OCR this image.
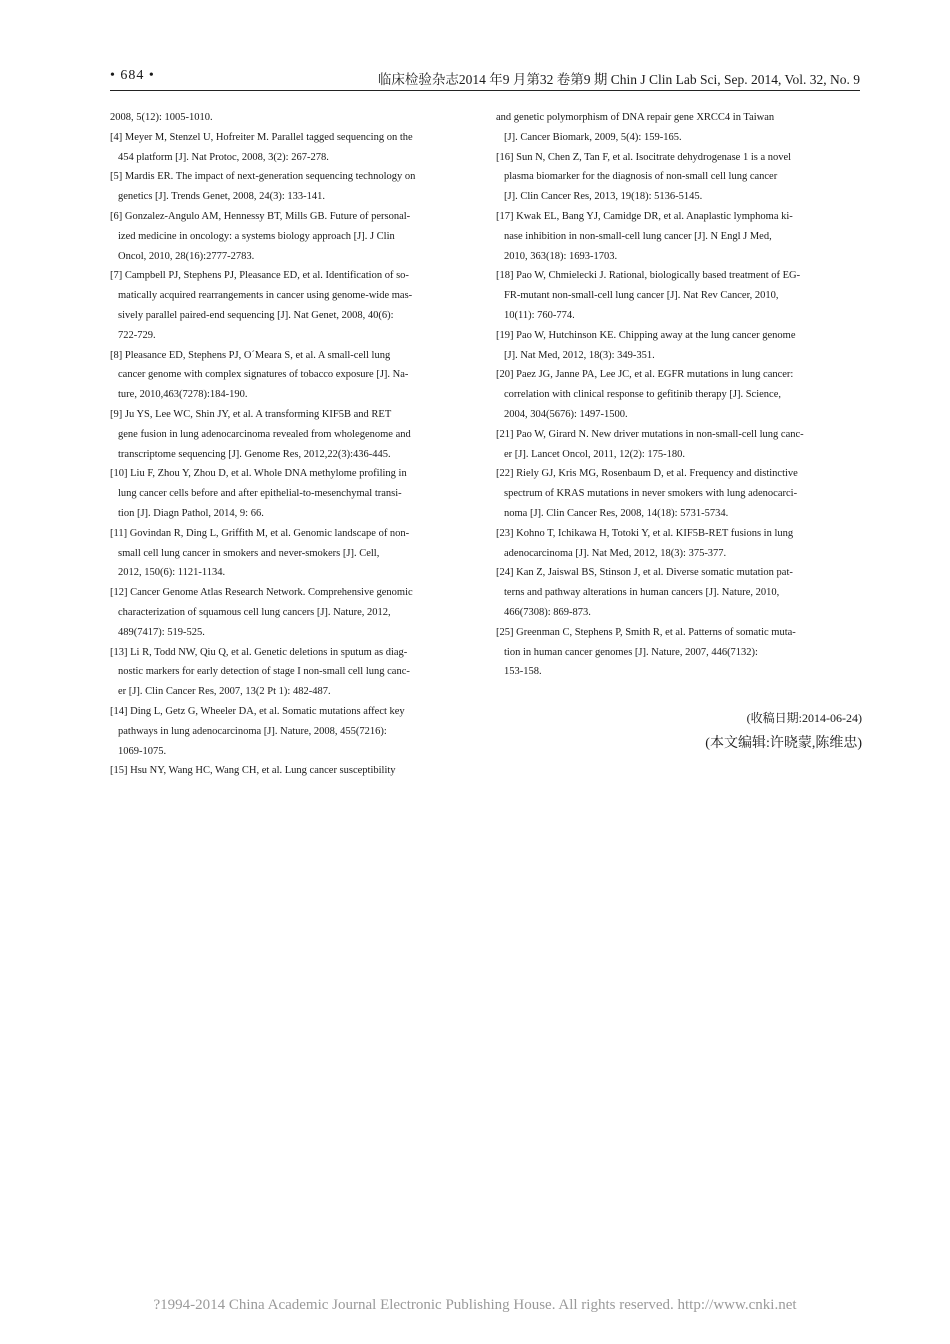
• 684 •	临床检验杂志2014 年9 月第32 卷第9 期 Chin J Clin Lab Sci, Sep. 2014, Vol. 32, No. 9
2008, 5(12): 1005-1010.
[4] Meyer M, Stenzel U, Hofreiter M. Parallel tagged sequencing on the
454 platform [J]. Nat Protoc, 2008, 3(2): 267-278.
[5] Mardis ER. The impact of next-generation sequencing technology on
genetics [J]. Trends Genet, 2008, 24(3): 133-141.
[6] Gonzalez-Angulo AM, Hennessy BT, Mills GB. Future of personal-
ized medicine in oncology: a systems biology approach [J]. J Clin
Oncol, 2010, 28(16):2777-2783.
[7] Campbell PJ, Stephens PJ, Pleasance ED, et al. Identification of so-
matically acquired rearrangements in cancer using genome-wide mas-
sively parallel paired-end sequencing [J]. Nat Genet, 2008, 40(6):
722-729.
[8] Pleasance ED, Stephens PJ, O´Meara S, et al. A small-cell lung
cancer genome with complex signatures of tobacco exposure [J]. Na-
ture, 2010,463(7278):184-190.
[9] Ju YS, Lee WC, Shin JY, et al. A transforming KIF5B and RET
gene fusion in lung adenocarcinoma revealed from wholegenome and
transcriptome sequencing [J]. Genome Res, 2012,22(3):436-445.
[10] Liu F, Zhou Y, Zhou D, et al. Whole DNA methylome profiling in
lung cancer cells before and after epithelial-to-mesenchymal transi-
tion [J]. Diagn Pathol, 2014, 9: 66.
[11] Govindan R, Ding L, Griffith M, et al. Genomic landscape of non-
small cell lung cancer in smokers and never-smokers [J]. Cell,
2012, 150(6): 1121-1134.
[12] Cancer Genome Atlas Research Network. Comprehensive genomic
characterization of squamous cell lung cancers [J]. Nature, 2012,
489(7417): 519-525.
[13] Li R, Todd NW, Qiu Q, et al. Genetic deletions in sputum as diag-
nostic markers for early detection of stage I non-small cell lung canc-
er [J]. Clin Cancer Res, 2007, 13(2 Pt 1): 482-487.
[14] Ding L, Getz G, Wheeler DA, et al. Somatic mutations affect key
pathways in lung adenocarcinoma [J]. Nature, 2008, 455(7216):
1069-1075.
[15] Hsu NY, Wang HC, Wang CH, et al. Lung cancer susceptibility
and genetic polymorphism of DNA repair gene XRCC4 in Taiwan
[J]. Cancer Biomark, 2009, 5(4): 159-165.
[16] Sun N, Chen Z, Tan F, et al. Isocitrate dehydrogenase 1 is a novel
plasma biomarker for the diagnosis of non-small cell lung cancer
[J]. Clin Cancer Res, 2013, 19(18): 5136-5145.
[17] Kwak EL, Bang YJ, Camidge DR, et al. Anaplastic lymphoma ki-
nase inhibition in non-small-cell lung cancer [J]. N Engl J Med,
2010, 363(18): 1693-1703.
[18] Pao W, Chmielecki J. Rational, biologically based treatment of EG-
FR-mutant non-small-cell lung cancer [J]. Nat Rev Cancer, 2010,
10(11): 760-774.
[19] Pao W, Hutchinson KE. Chipping away at the lung cancer genome
[J]. Nat Med, 2012, 18(3): 349-351.
[20] Paez JG, Janne PA, Lee JC, et al. EGFR mutations in lung cancer:
correlation with clinical response to gefitinib therapy [J]. Science,
2004, 304(5676): 1497-1500.
[21] Pao W, Girard N. New driver mutations in non-small-cell lung canc-
er [J]. Lancet Oncol, 2011, 12(2): 175-180.
[22] Riely GJ, Kris MG, Rosenbaum D, et al. Frequency and distinctive
spectrum of KRAS mutations in never smokers with lung adenocarci-
noma [J]. Clin Cancer Res, 2008, 14(18): 5731-5734.
[23] Kohno T, Ichikawa H, Totoki Y, et al. KIF5B-RET fusions in lung
adenocarcinoma [J]. Nat Med, 2012, 18(3): 375-377.
[24] Kan Z, Jaiswal BS, Stinson J, et al. Diverse somatic mutation pat-
terns and pathway alterations in human cancers [J]. Nature, 2010,
466(7308): 869-873.
[25] Greenman C, Stephens P, Smith R, et al. Patterns of somatic muta-
tion in human cancer genomes [J]. Nature, 2007, 446(7132):
153-158.
(收稿日期:2014-06-24)
(本文编辑:许晓蒙,陈维忠)
?1994-2014 China Academic Journal Electronic Publishing House. All rights reserved. http://www.cnki.net
